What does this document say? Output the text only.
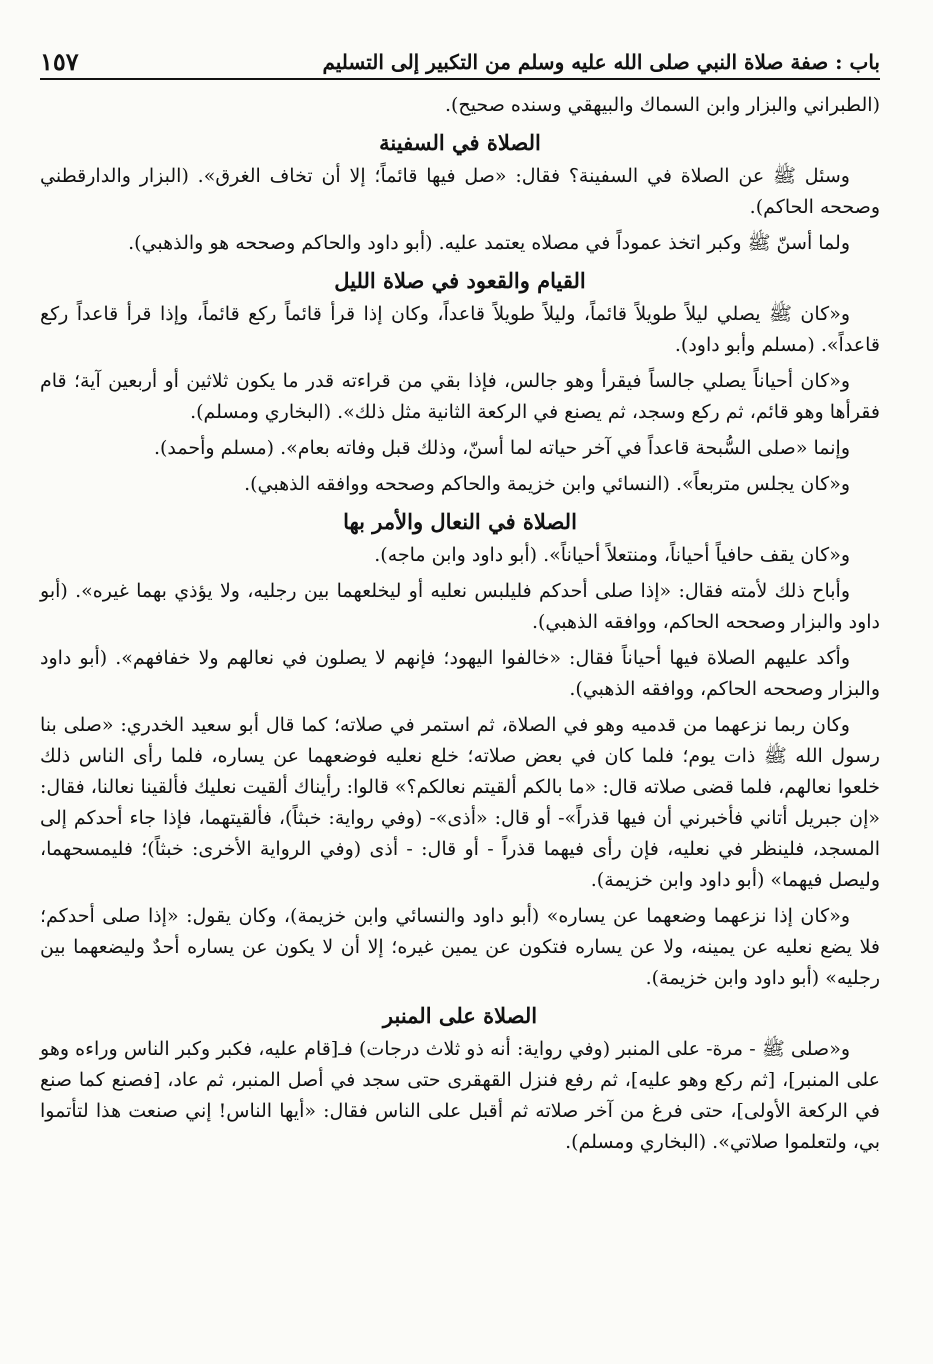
باب : صفة صلاة النبي صلى الله عليه وسلم من التكبير إلى التسليم
١٥٧

(الطبراني والبزار وابن السماك والبيهقي وسنده صحيح).

الصلاة في السفينة

وسئل ﷺ عن الصلاة في السفينة؟ فقال: «صل فيها قائماً؛ إلا أن تخاف الغرق». (البزار والدارقطني وصححه الحاكم).

ولما أسنّ ﷺ وكبر اتخذ عموداً في مصلاه يعتمد عليه. (أبو داود والحاكم وصححه هو والذهبي).

القيام والقعود في صلاة الليل

و«كان ﷺ يصلي ليلاً طويلاً قائماً، وليلاً طويلاً قاعداً، وكان إذا قرأ قائماً ركع قائماً، وإذا قرأ قاعداً ركع قاعداً». (مسلم وأبو داود).

و«كان أحياناً يصلي جالساً فيقرأ وهو جالس، فإذا بقي من قراءته قدر ما يكون ثلاثين أو أربعين آية؛ قام فقرأها وهو قائم، ثم ركع وسجد، ثم يصنع في الركعة الثانية مثل ذلك». (البخاري ومسلم).

وإنما «صلى السُّبحة قاعداً في آخر حياته لما أسنّ، وذلك قبل وفاته بعام». (مسلم وأحمد).

و«كان يجلس متربعاً». (النسائي وابن خزيمة والحاكم وصححه ووافقه الذهبي).

الصلاة في النعال والأمر بها

و«كان يقف حافياً أحياناً، ومنتعلاً أحياناً». (أبو داود وابن ماجه).

وأباح ذلك لأمته فقال: «إذا صلى أحدكم فليلبس نعليه أو ليخلعهما بين رجليه، ولا يؤذي بهما غيره». (أبو داود والبزار وصححه الحاكم، ووافقه الذهبي).

وأكد عليهم الصلاة فيها أحياناً فقال: «خالفوا اليهود؛ فإنهم لا يصلون في نعالهم ولا خفافهم». (أبو داود والبزار وصححه الحاكم، ووافقه الذهبي).

وكان ربما نزعهما من قدميه وهو في الصلاة، ثم استمر في صلاته؛ كما قال أبو سعيد الخدري: «صلى بنا رسول الله ﷺ ذات يوم؛ فلما كان في بعض صلاته؛ خلع نعليه فوضعهما عن يساره، فلما رأى الناس ذلك خلعوا نعالهم، فلما قضى صلاته قال: «ما بالكم ألقيتم نعالكم؟» قالوا: رأيناك ألقيت نعليك فألقينا نعالنا، فقال: «إن جبريل أتاني فأخبرني أن فيها قذراً»- أو قال: «أذى»- (وفي رواية: خبثاً)، فألقيتهما، فإذا جاء أحدكم إلى المسجد، فلينظر في نعليه، فإن رأى فيهما قذراً - أو قال: - أذى (وفي الرواية الأخرى: خبثاً)؛ فليمسحهما، وليصل فيهما» (أبو داود وابن خزيمة).

و«كان إذا نزعهما وضعهما عن يساره» (أبو داود والنسائي وابن خزيمة)، وكان يقول: «إذا صلى أحدكم؛ فلا يضع نعليه عن يمينه، ولا عن يساره فتكون عن يمين غيره؛ إلا أن لا يكون عن يساره أحدٌ وليضعهما بين رجليه» (أبو داود وابن خزيمة).

الصلاة على المنبر

و«صلى ﷺ - مرة- على المنبر (وفي رواية: أنه ذو ثلاث درجات) فـ[قام عليه، فكبر وكبر الناس وراءه وهو على المنبر]، [ثم ركع وهو عليه]، ثم رفع فنزل القهقرى حتى سجد في أصل المنبر، ثم عاد، [فصنع كما صنع في الركعة الأولى]، حتى فرغ من آخر صلاته ثم أقبل على الناس فقال: «أيها الناس! إني صنعت هذا لتأتموا بي، ولتعلموا صلاتي». (البخاري ومسلم).
